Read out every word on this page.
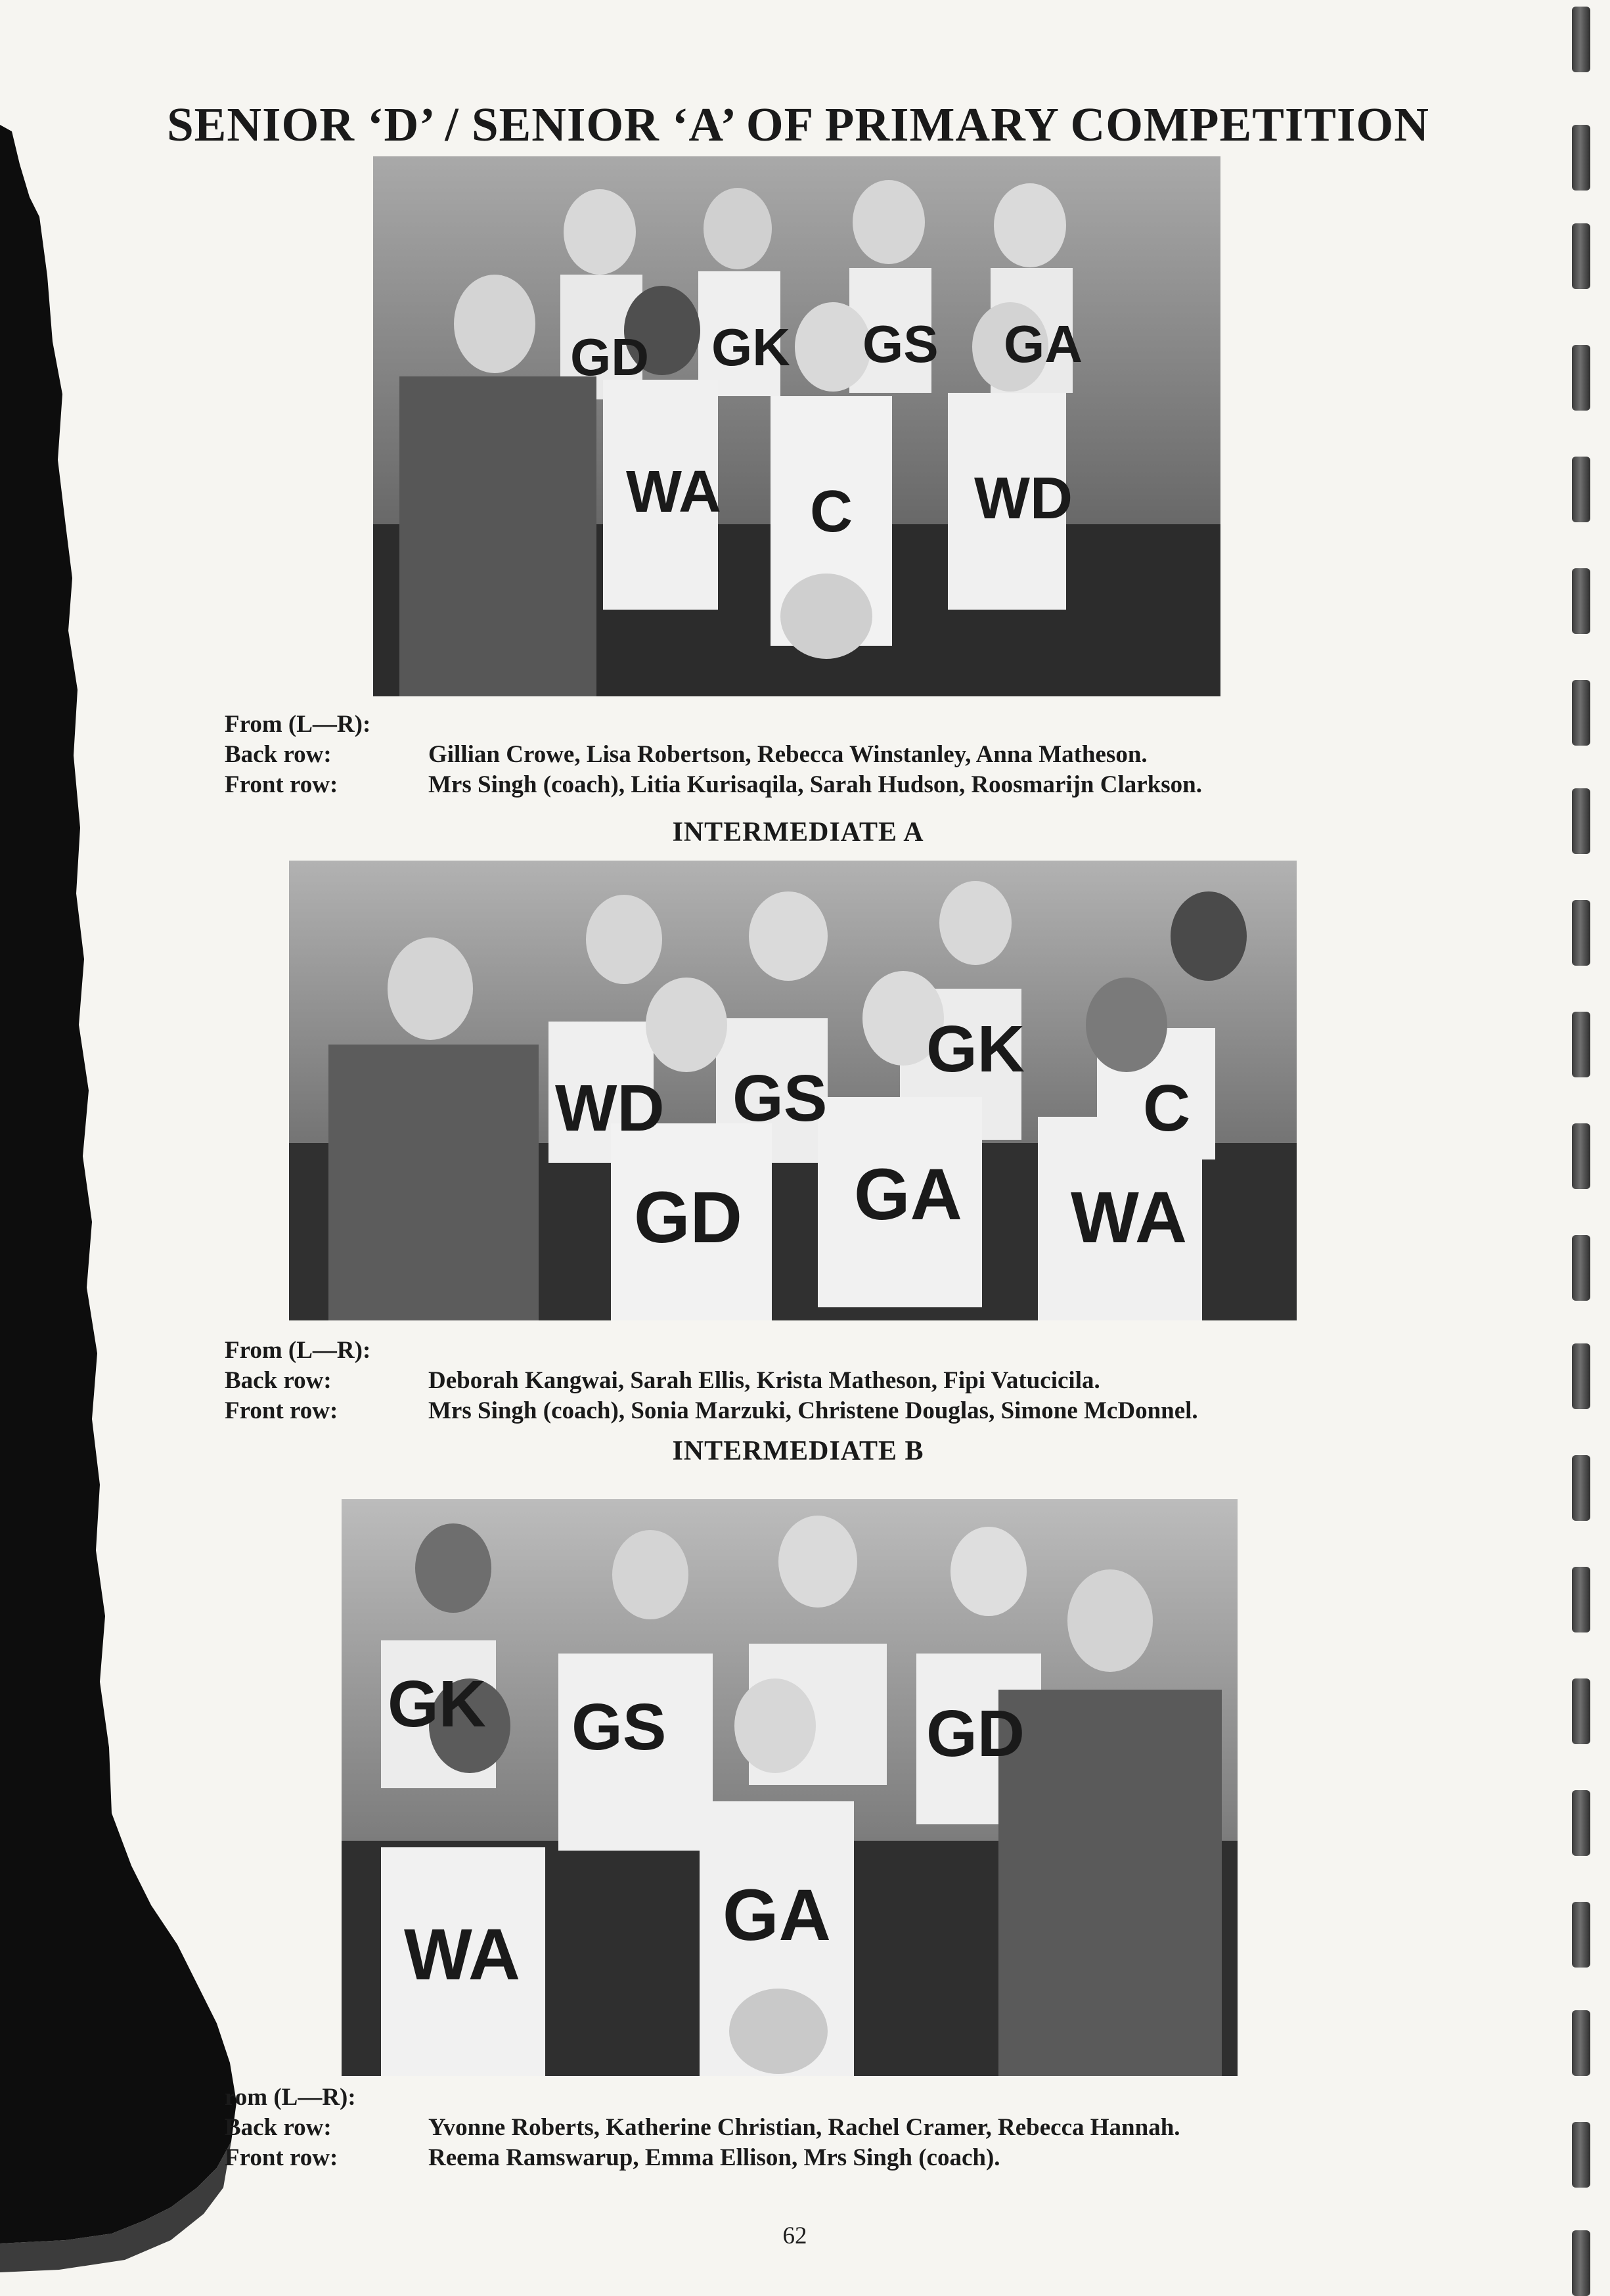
SENIOR ‘D’ / SENIOR ‘A’ OF PRIMARY COMPETITION
GD GK GS GA
WA C WD
From (L—R):
Back row:	Gillian Crowe, Lisa Robertson, Rebecca Winstanley, Anna Matheson.
Front row:	Mrs Singh (coach), Litia Kurisaqila, Sarah Hudson, Roosmarijn Clarkson.
INTERMEDIATE A
WD GS
GK
C
GD GA WA
From (L—R):
Back row:	Deborah Kangwai, Sarah Ellis, Krista Matheson, Fipi Vatucicila.
Front row:	Mrs Singh (coach), Sonia Marzuki, Christene Douglas, Simone McDonnel.
INTERMEDIATE B
GK GS	GD
WA	GA
rom (L—R):
Back row:	Yvonne Roberts, Katherine Christian, Rachel Cramer, Rebecca Hannah.
Front row:	Reema Ramswarup, Emma Ellison, Mrs Singh (coach).
62
